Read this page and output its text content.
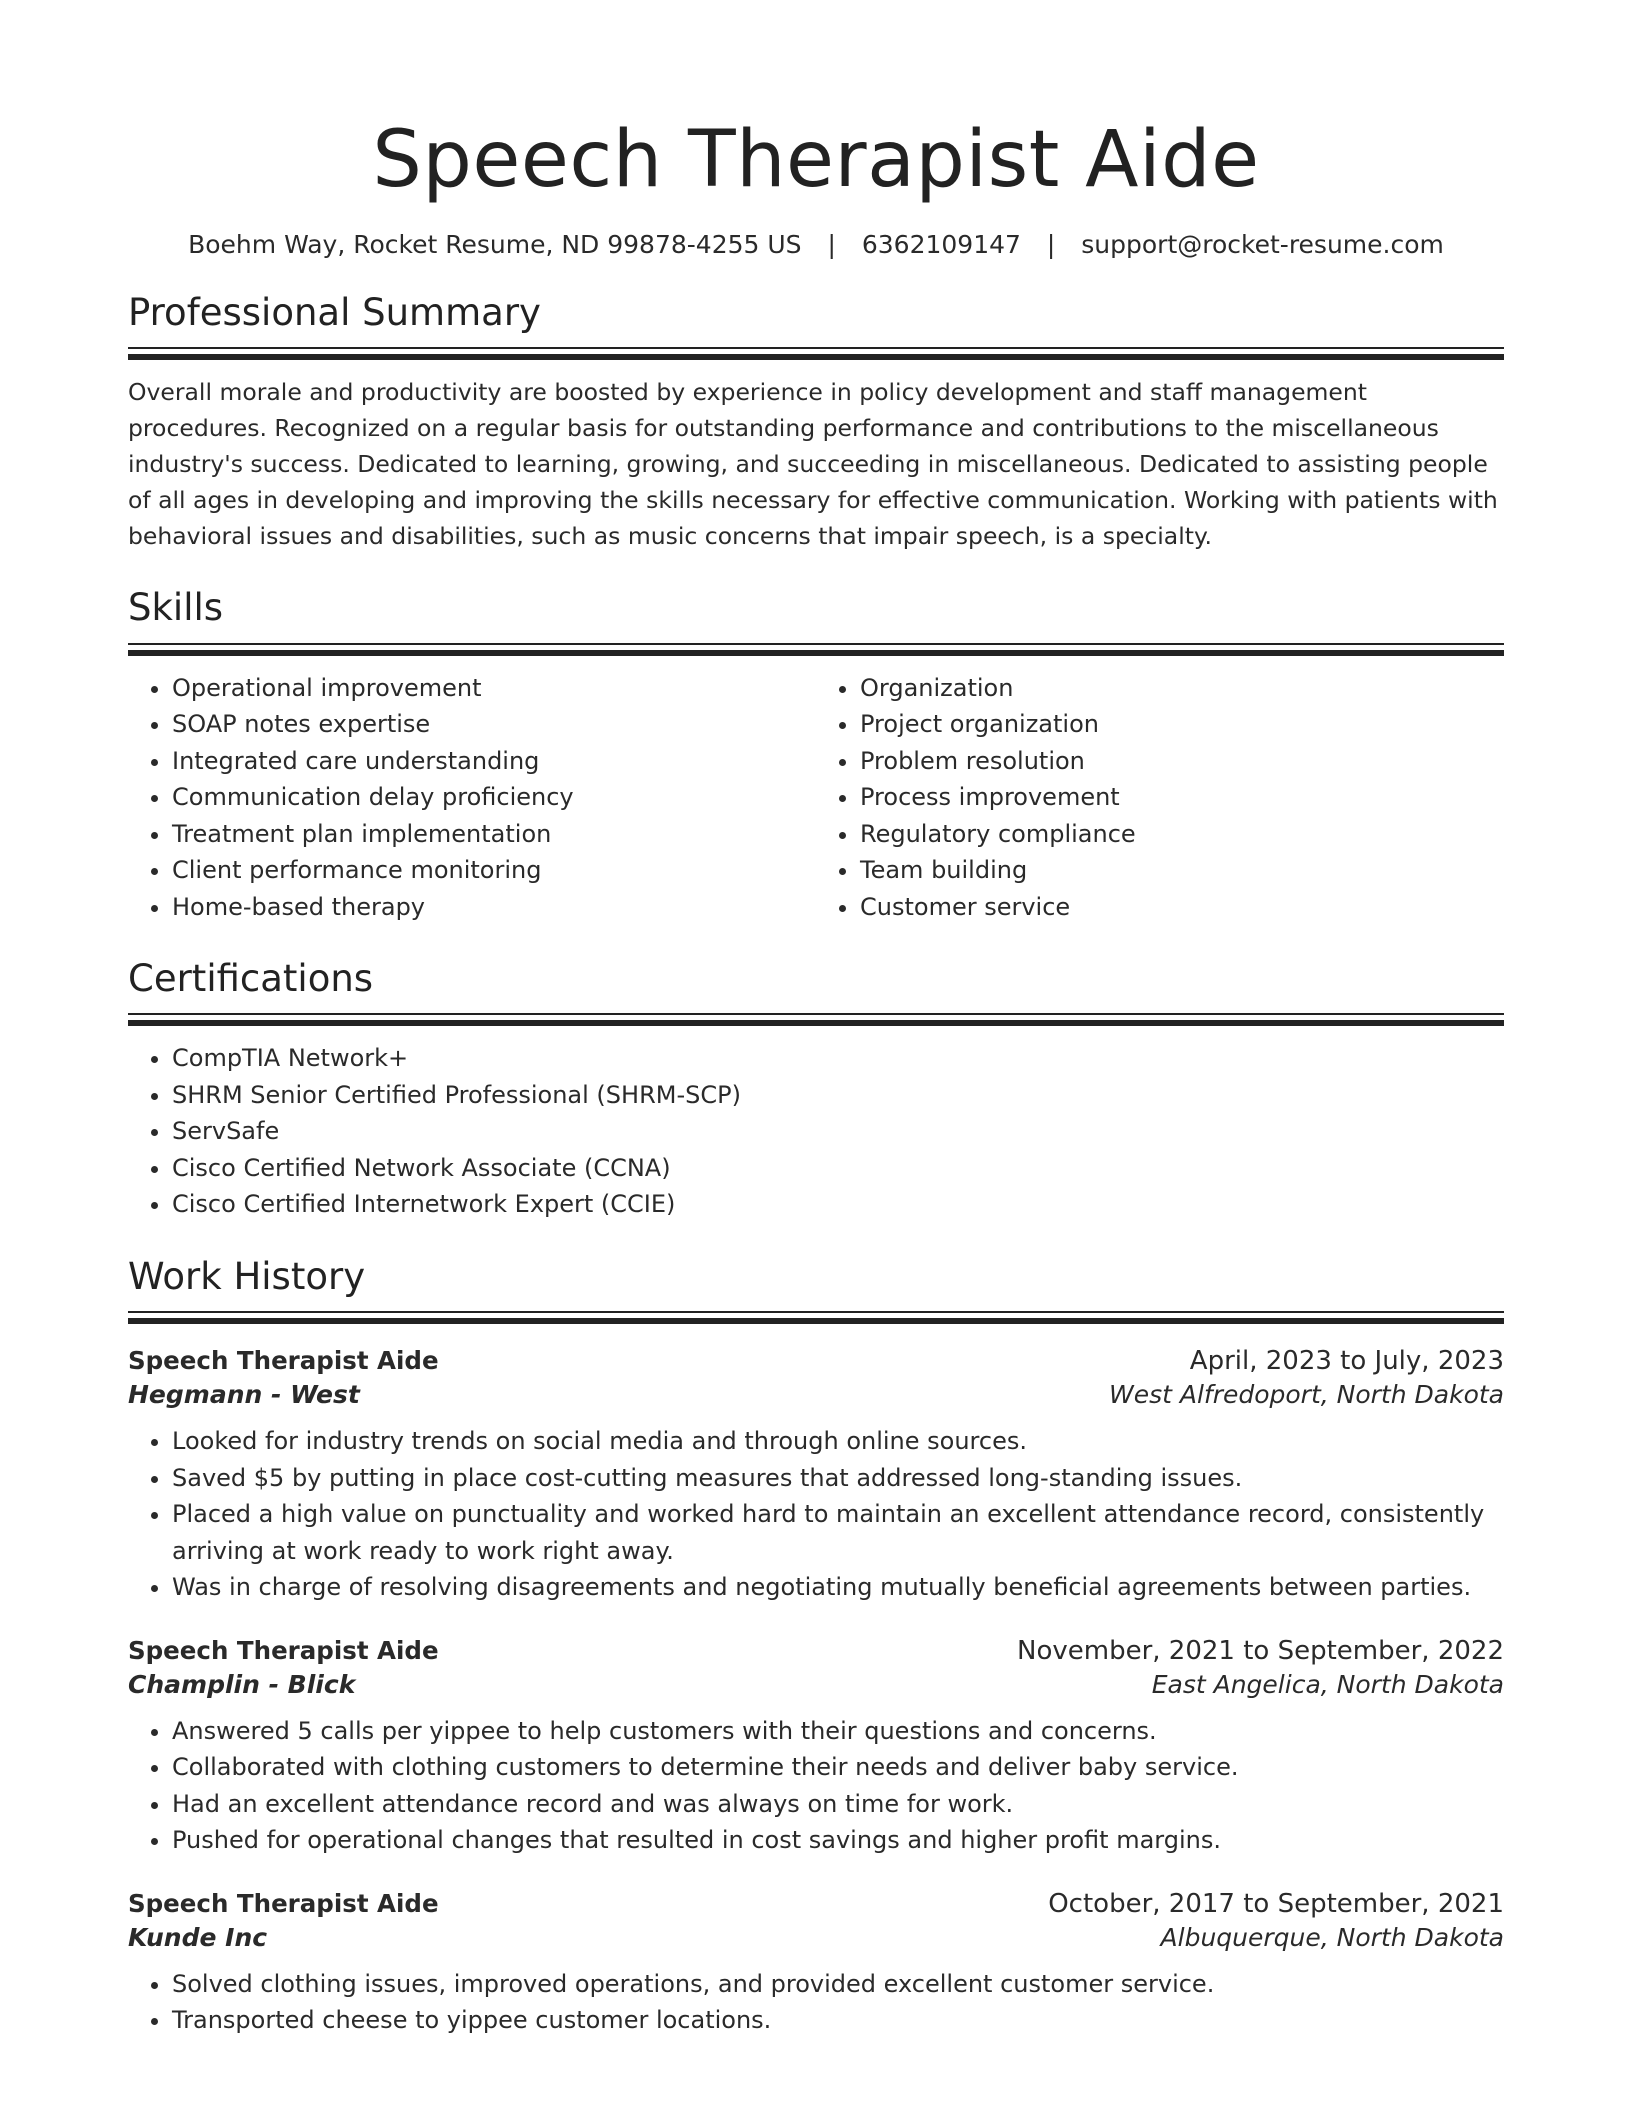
Speech Therapist Aide
Boehm Way, Rocket Resume, ND 99878-4255 US | 6362109147 | support@rocket-resume.com
Professional Summary

Overall morale and productivity are boosted by experience in policy development and staff management procedures. Recognized on a regular basis for outstanding performance and contributions to the miscellaneous industry's success. Dedicated to learning, growing, and succeeding in miscellaneous. Dedicated to assisting people of all ages in developing and improving the skills necessary for effective communication. Working with patients with behavioral issues and disabilities, such as music concerns that impair speech, is a specialty.

Skills
• Operational improvement
• SOAP notes expertise
• Integrated care understanding
• Communication delay proficiency
• Treatment plan implementation
• Client performance monitoring
• Home-based therapy
• Organization
• Project organization
• Problem resolution
• Process improvement
• Regulatory compliance
• Team building
• Customer service
Certifications
• CompTIA Network+
• SHRM Senior Certified Professional (SHRM-SCP)
• ServSafe
• Cisco Certified Network Associate (CCNA)
• Cisco Certified Internetwork Expert (CCIE)
Work History
Speech Therapist Aide	April, 2023 to July, 2023
Hegmann - West	West Alfredoport, North Dakota
• Looked for industry trends on social media and through online sources.
• Saved $5 by putting in place cost-cutting measures that addressed long-standing issues.
• Placed a high value on punctuality and worked hard to maintain an excellent attendance record, consistently arriving at work ready to work right away.
• Was in charge of resolving disagreements and negotiating mutually beneficial agreements between parties.
Speech Therapist Aide	November, 2021 to September, 2022
Champlin - Blick	East Angelica, North Dakota
• Answered 5 calls per yippee to help customers with their questions and concerns.
• Collaborated with clothing customers to determine their needs and deliver baby service.
• Had an excellent attendance record and was always on time for work.
• Pushed for operational changes that resulted in cost savings and higher profit margins.
Speech Therapist Aide	October, 2017 to September, 2021
Kunde Inc	Albuquerque, North Dakota
• Solved clothing issues, improved operations, and provided excellent customer service.
• Transported cheese to yippee customer locations.
